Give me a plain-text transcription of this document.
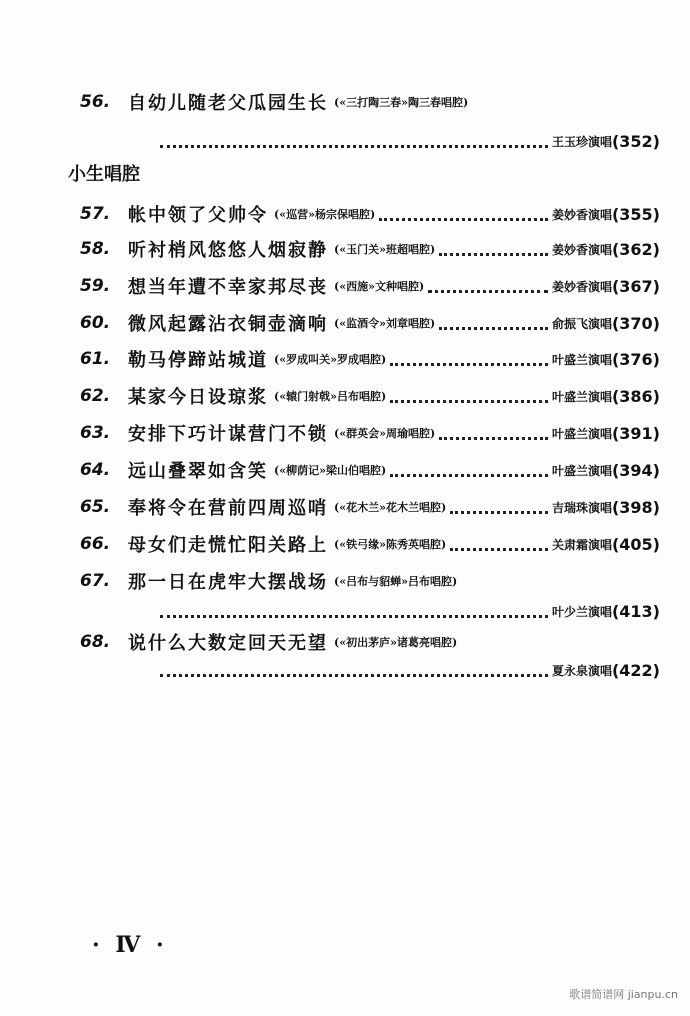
56. 自幼儿随老父瓜园生长 («三打陶三春»陶三春唱腔)
王玉珍演唱 (352)
小生唱腔
57. 帐中领了父帅令 («巡营»杨宗保唱腔)	姜妙香演唱 (355)
58. 听衬梢风悠悠人烟寂静 («玉门关»班超唱腔)	姜妙香演唱 (362)
59. 想当年遭不幸家邦尽丧 («西施»文种唱腔)	姜妙香演唱 (367)
60. 微风起露沾衣铜壶滴响 («监酒令»刘章唱腔)	俞振飞演唱 (370)
61. 勒马停蹄站城道 («罗成叫关»罗成唱腔)	叶盛兰演唱 (376)
62. 某家今日设琼浆 («辕门射戟»吕布唱腔)	叶盛兰演唱 (386)
63. 安排下巧计谋营门不锁 («群英会»周瑜唱腔)	叶盛兰演唱 (391)
64. 远山叠翠如含笑 («柳荫记»梁山伯唱腔)	叶盛兰演唱 (394)
65. 奉将令在营前四周巡哨 («花木兰»花木兰唱腔)	吉瑞珠演唱 (398)
66. 母女们走慌忙阳关路上 («铁弓缘»陈秀英唱腔)	关肃霜演唱 (405)
67. 那一日在虎牢大摆战场 («吕布与貂蝉»吕布唱腔)
叶少兰演唱 (413)
68. 说什么大数定回天无望 («初出茅庐»诸葛亮唱腔)
夏永泉演唱 (422)
· Ⅳ ·
歌谱简谱网 jianpu.cn
